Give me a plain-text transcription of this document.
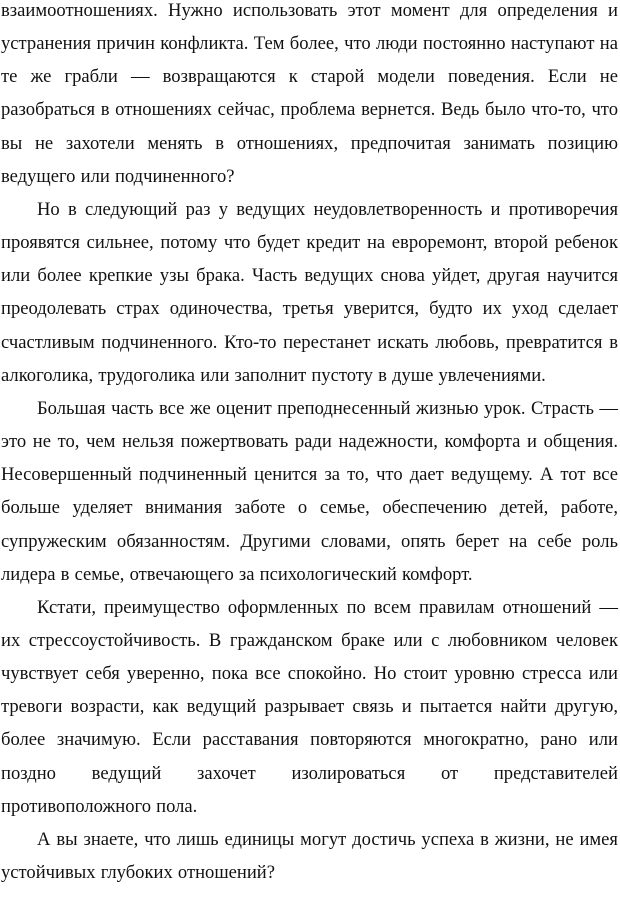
взаимоотношениях. Нужно использовать этот момент для определения и устранения причин конфликта. Тем более, что люди постоянно наступают на те же грабли — возвращаются к старой модели поведения. Если не разобраться в отношениях сейчас, проблема вернется. Ведь было что-то, что вы не захотели менять в отношениях, предпочитая занимать позицию ведущего или подчиненного?

Но в следующий раз у ведущих неудовлетворенность и противоречия проявятся сильнее, потому что будет кредит на евроремонт, второй ребенок или более крепкие узы брака. Часть ведущих снова уйдет, другая научится преодолевать страх одиночества, третья уверится, будто их уход сделает счастливым подчиненного. Кто-то перестанет искать любовь, превратится в алкоголика, трудоголика или заполнит пустоту в душе увлечениями.

Большая часть все же оценит преподнесенный жизнью урок. Страсть — это не то, чем нельзя пожертвовать ради надежности, комфорта и общения. Несовершенный подчиненный ценится за то, что дает ведущему. А тот все больше уделяет внимания заботе о семье, обеспечению детей, работе, супружеским обязанностям. Другими словами, опять берет на себе роль лидера в семье, отвечающего за психологический комфорт.

Кстати, преимущество оформленных по всем правилам отношений — их стрессоустойчивость. В гражданском браке или с любовником человек чувствует себя уверенно, пока все спокойно. Но стоит уровню стресса или тревоги возрасти, как ведущий разрывает связь и пытается найти другую, более значимую. Если расставания повторяются многократно, рано или поздно ведущий захочет изолироваться от представителей противоположного пола.

А вы знаете, что лишь единицы могут достичь успеха в жизни, не имея устойчивых глубоких отношений?
